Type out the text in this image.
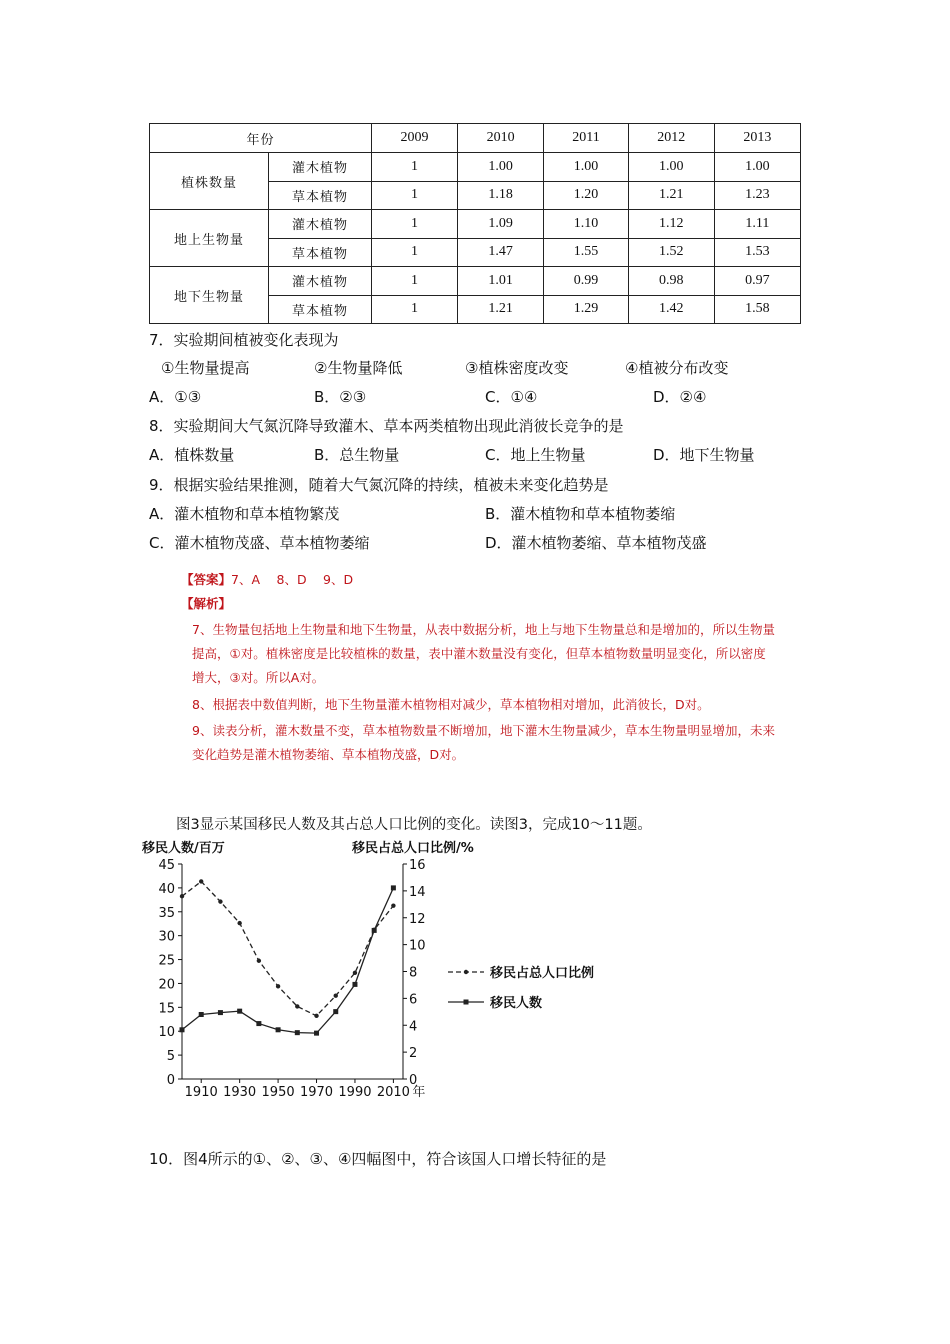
年份		2009	2010	2011	2012	2013
植株数量	灌木植物	1	1.00	1.00	1.00	1.00
	草本植物	1	1.18	1.20	1.21	1.23
地上生物量	灌木植物	1	1.09	1.10	1.12	1.11
	草本植物	1	1.47	1.55	1.52	1.53
地下生物量	灌木植物	1	1.01	0.99	0.98	0.97
	草本植物	1	1.21	1.29	1.42	1.58
7．实验期间植被变化表现为
①生物量提高	②生物量降低	③植株密度改变	④植被分布改变
A．①③	B．②③	C．①④	D．②④
8．实验期间大气氮沉降导致灌木、草本两类植物出现此消彼长竞争的是
A．植株数量	B．总生物量	C．地上生物量	D．地下生物量
9．根据实验结果推测，随着大气氮沉降的持续，植被未来变化趋势是
A．灌木植物和草本植物繁茂	B．灌木植物和草本植物萎缩
C．灌木植物茂盛、草本植物萎缩	D．灌木植物萎缩、草本植物茂盛
【答案】7、A　 8、D　 9、D
【解析】
7、生物量包括地上生物量和地下生物量，从表中数据分析，地上与地下生物量总和是增加的，所以生物量
提高，①对。植株密度是比较植株的数量，表中灌木数量没有变化，但草本植物数量明显变化，所以密度
增大，③对。所以A对。
8、根据表中数值判断，地下生物量灌木植物相对减少，草本植物相对增加，此消彼长，D对。
9、读表分析，灌木数量不变，草本植物数量不断增加，地下灌木生物量减少，草本生物量明显增加，未来
变化趋势是灌木植物萎缩、草本植物茂盛，D对。
图3显示某国移民人数及其占总人口比例的变化。读图3，完成10～11题。
移民人数/百万	移民占总人口比例/%
0
5
10
15
20
25
30
35
40
45
0
2
4
6
8
10
12
14
16
1910 1930 1950 1970 1990 2010 年
移民占总人口比例
移民人数
10．图4所示的①、②、③、④四幅图中，符合该国人口增长特征的是
